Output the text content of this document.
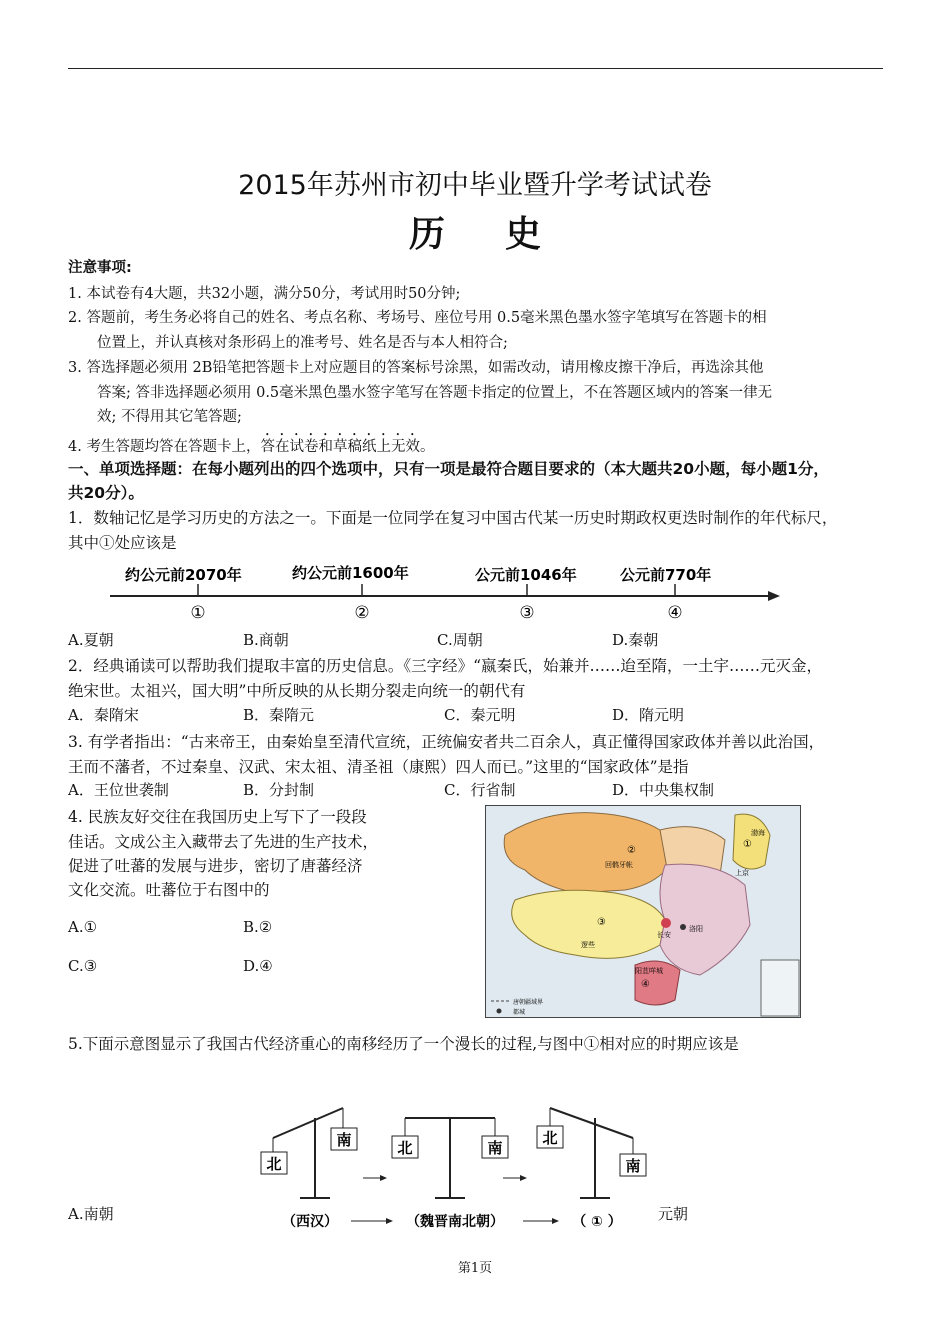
2015年苏州市初中毕业暨升学考试试卷
历史
注意事项:
1. 本试卷有4大题，共32小题，满分50分，考试用时50分钟;
2. 答题前，考生务必将自己的姓名、考点名称、考场号、座位号用 0.5毫米黑色墨水签字笔填写在答题卡的相
位置上，并认真核对条形码上的准考号、姓名是否与本人相符合;
3. 答选择题必须用 2B铅笔把答题卡上对应题目的答案标号涂黑，如需改动，请用橡皮擦干净后，再选涂其他
答案; 答非选择题必须用 0.5毫米黑色墨水签字笔写在答题卡指定的位置上，不在答题区域内的答案一律无
效; 不得用其它笔答题;
4. 考生答题均答在答题卡上，答在试卷和草稿纸上无效。
一、单项选择题：在每小题列出的四个选项中，只有一项是最符合题目要求的（本大题共20小题，每小题1分，
共20分）。
1．数轴记忆是学习历史的方法之一。下面是一位同学在复习中国古代某一历史时期政权更迭时制作的年代标尺，
其中①处应该是
约公元前2070年	约公元前1600年	公元前1046年	公元前770年
①	②	③	④
A.夏朝	B.商朝	C.周朝	D.秦朝
2．经典诵读可以帮助我们提取丰富的历史信息。《三字经》“嬴秦氏，始兼并……迨至隋，一土宇……元灭金，
绝宋世。太祖兴，国大明”中所反映的从长期分裂走向统一的朝代有
A．秦隋宋	B．秦隋元	C．秦元明	D．隋元明
3. 有学者指出：“古来帝王，由秦始皇至清代宣统，正统偏安者共二百余人，真正懂得国家政体并善以此治国，
王而不藩者，不过秦皇、汉武、宋太祖、清圣祖（康熙）四人而已。”这里的“国家政体”是指
A．王位世袭制	B．分封制	C．行省制	D．中央集权制
4. 民族友好交往在我国历史上写下了一段段
佳话。文成公主入藏带去了先进的生产技术，
促进了吐蕃的发展与进步，密切了唐蕃经济
文化交流。吐蕃位于右图中的
A.①	B.②
C.③	D.④
②
回鹘牙帐
③
逻些
长安
洛阳
①
渤海
上京
④
阳苴咩城
唐朝疆域界
都城
5.下面示意图显示了我国古代经济重心的南移经历了一个漫长的过程,与图中①相对应的时期应该是
北
南	北	南
北
南
（西汉）	（魏晋南北朝）	（ ① ）
A.南朝	元朝
第1页
